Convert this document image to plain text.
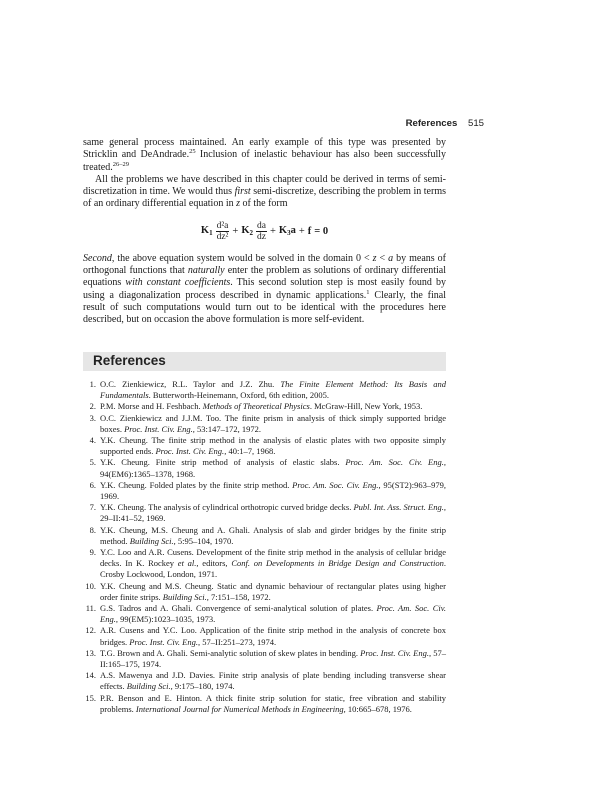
References 515

same general process maintained. An early example of this type was presented by Stricklin and DeAndrade.$^{25}$ Inclusion of inelastic behaviour has also been successfully treated.$^{26-29}$

All the problems we have described in this chapter could be derived in terms of semi-discretization in time. We would thus first semi-discretize, describing the problem in terms of an ordinary differential equation in z of the form

$K_1 \frac{\text{d²a}}{\text{dz²}} + K_2 \frac{da}{dz} + K_3a + f = 0$

Second, the above equation system would be solved in the domain 0 < z < a by means of orthogonal functions that naturally enter the problem as solutions of ordinary differential equations with constant coefficients. This second solution step is most easily found by using a diagonalization process described in dynamic applications.$^1$ Clearly, the final result of such computations would turn out to be identical with the procedures here described, but on occasion the above formulation is more self-evident.

References
1. O.C. Zienkiewicz, R.L. Taylor and J.Z. Zhu. The Finite Element Method: Its Basis and Fundamentals. Butterworth-Heinemann, Oxford, 6th edition, 2005.
2. P.M. Morse and H. Feshbach. Methods of Theoretical Physics. McGraw-Hill, New York, 1953.
3. O.C. Zienkiewicz and J.J.M. Too. The finite prism in analysis of thick simply supported bridge boxes. Proc. Inst. Civ. Eng., 53:147–172, 1972.
4. Y.K. Cheung. The finite strip method in the analysis of elastic plates with two opposite simply supported ends. Proc. Inst. Civ. Eng., 40:1–7, 1968.
5. Y.K. Cheung. Finite strip method of analysis of elastic slabs. Proc. Am. Soc. Civ. Eng., 94(EM6):1365–1378, 1968.
6. Y.K. Cheung. Folded plates by the finite strip method. Proc. Am. Soc. Civ. Eng., 95(ST2):963–979, 1969.
7. Y.K. Cheung. The analysis of cylindrical orthotropic curved bridge decks. Publ. Int. Ass. Struct. Eng., 29–II:41–52, 1969.
8. Y.K. Cheung, M.S. Cheung and A. Ghali. Analysis of slab and girder bridges by the finite strip method. Building Sci., 5:95–104, 1970.
9. Y.C. Loo and A.R. Cusens. Development of the finite strip method in the analysis of cellular bridge decks. In K. Rockey et al., editors, Conf. on Developments in Bridge Design and Construction. Crosby Lockwood, London, 1971.
10. Y.K. Cheung and M.S. Cheung. Static and dynamic behaviour of rectangular plates using higher order finite strips. Building Sci., 7:151–158, 1972.
11. G.S. Tadros and A. Ghali. Convergence of semi-analytical solution of plates. Proc. Am. Soc. Civ. Eng., 99(EM5):1023–1035, 1973.
12. A.R. Cusens and Y.C. Loo. Application of the finite strip method in the analysis of concrete box bridges. Proc. Inst. Civ. Eng., 57–II:251–273, 1974.
13. T.G. Brown and A. Ghali. Semi-analytic solution of skew plates in bending. Proc. Inst. Civ. Eng., 57–II:165–175, 1974.
14. A.S. Mawenya and J.D. Davies. Finite strip analysis of plate bending including transverse shear effects. Building Sci., 9:175–180, 1974.
15. P.R. Benson and E. Hinton. A thick finite strip solution for static, free vibration and stability problems. International Journal for Numerical Methods in Engineering, 10:665–678, 1976.
